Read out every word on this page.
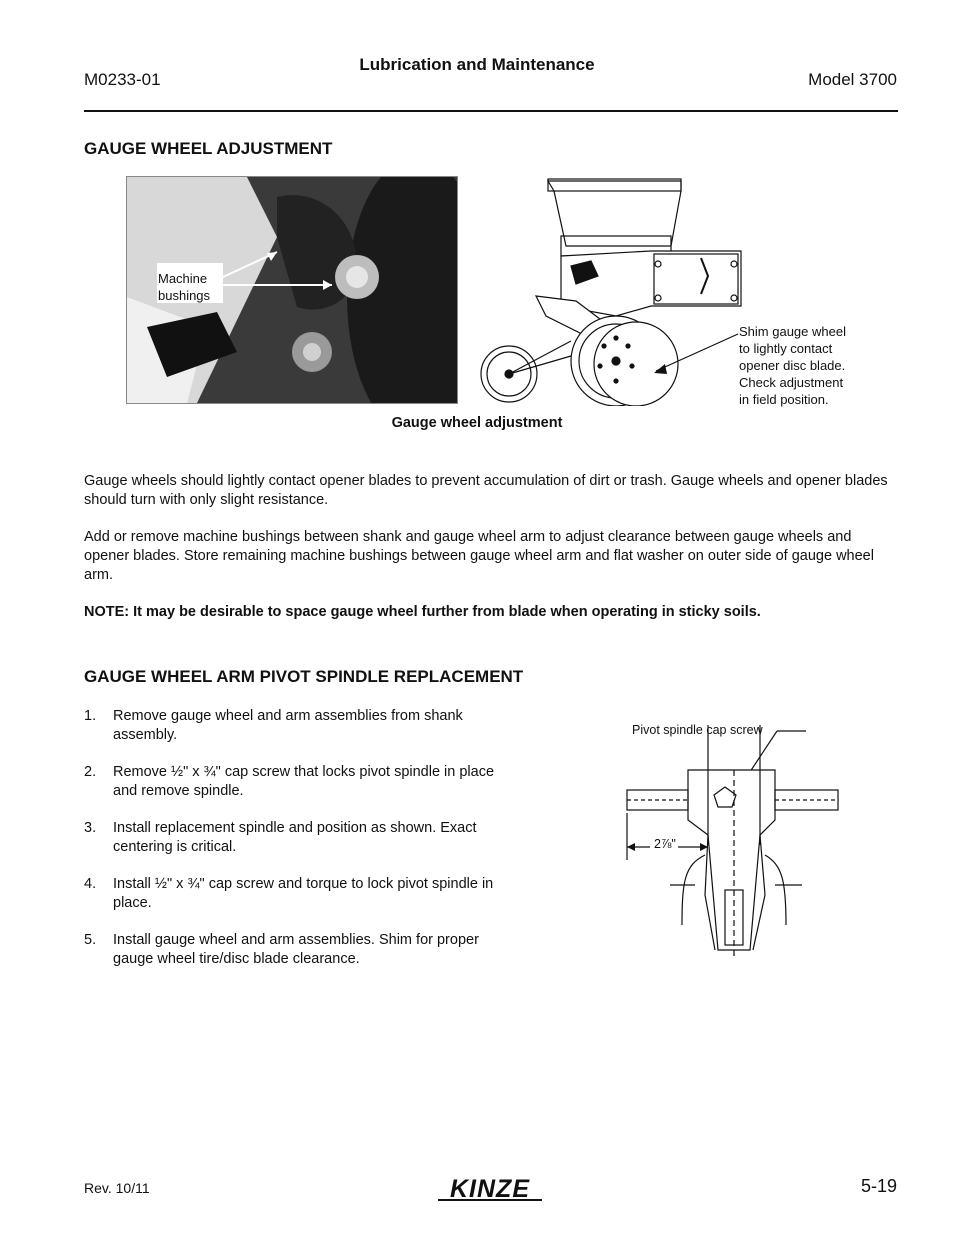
M0233-01
Lubrication and Maintenance
Model 3700
GAUGE WHEEL ADJUSTMENT
Machine
bushings
Shim gauge wheel
to lightly contact
opener disc blade.
Check adjustment
in field position.
Gauge wheel adjustment

Gauge wheels should lightly contact opener blades to prevent accumulation of dirt or trash. Gauge wheels and opener blades should turn with only slight resistance.

Add or remove machine bushings between shank and gauge wheel arm to adjust clearance between gauge wheels and opener blades. Store remaining machine bushings between gauge wheel arm and flat washer on outer side of gauge wheel arm.

NOTE: It may be desirable to space gauge wheel further from blade when operating in sticky soils.
GAUGE WHEEL ARM PIVOT SPINDLE REPLACEMENT
1. Remove gauge wheel and arm assemblies from shank assembly.
2. Remove ½" x ¾" cap screw that locks pivot spindle in place and remove spindle.
3. Install replacement spindle and position as shown. Exact centering is critical.
4. Install ½" x ¾" cap screw and torque to lock pivot spindle in place.
5. Install gauge wheel and arm assemblies. Shim for proper gauge wheel tire/disc blade clearance.
Pivot spindle cap screw
2⅞"
Rev. 10/11	KINZE	5-19
